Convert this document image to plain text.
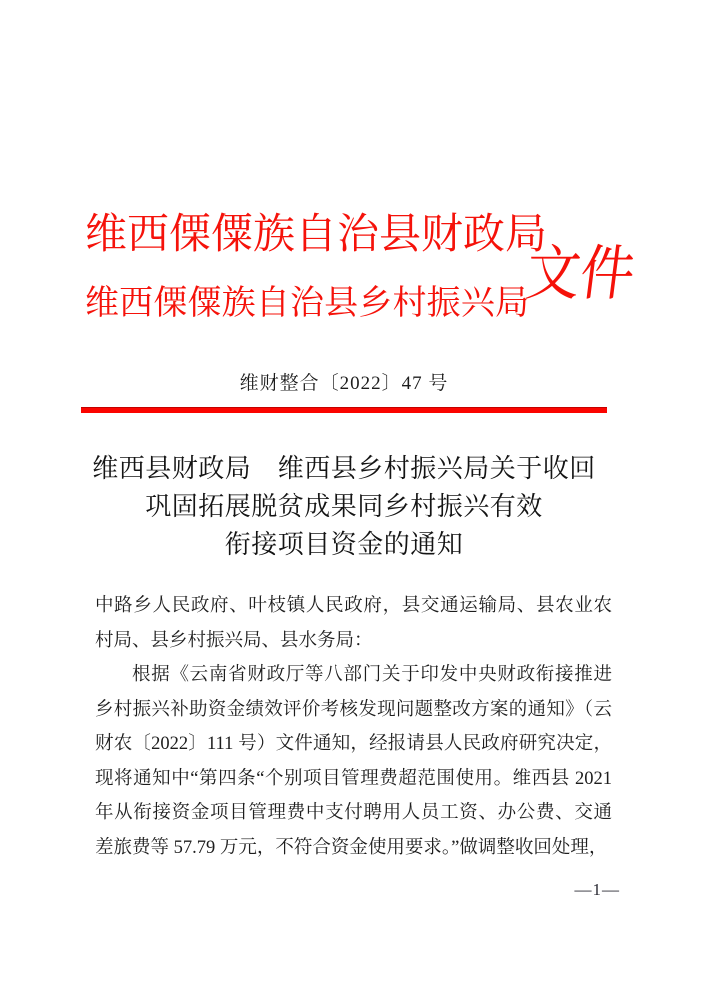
维西傈僳族自治县财政局
维西傈僳族自治县乡村振兴局
文件
维财整合〔2022〕47 号
维西县财政局　维西县乡村振兴局关于收回
巩固拓展脱贫成果同乡村振兴有效
衔接项目资金的通知

中路乡人民政府、叶枝镇人民政府，县交通运输局、县农业农村局、县乡村振兴局、县水务局：

根据《云南省财政厅等八部门关于印发中央财政衔接推进乡村振兴补助资金绩效评价考核发现问题整改方案的通知》（云财农〔2022〕111 号）文件通知，经报请县人民政府研究决定，现将通知中“第四条“个别项目管理费超范围使用。维西县 2021 年从衔接资金项目管理费中支付聘用人员工资、办公费、交通差旅费等 57.79 万元，不符合资金使用要求。”做调整收回处理，

—1—
